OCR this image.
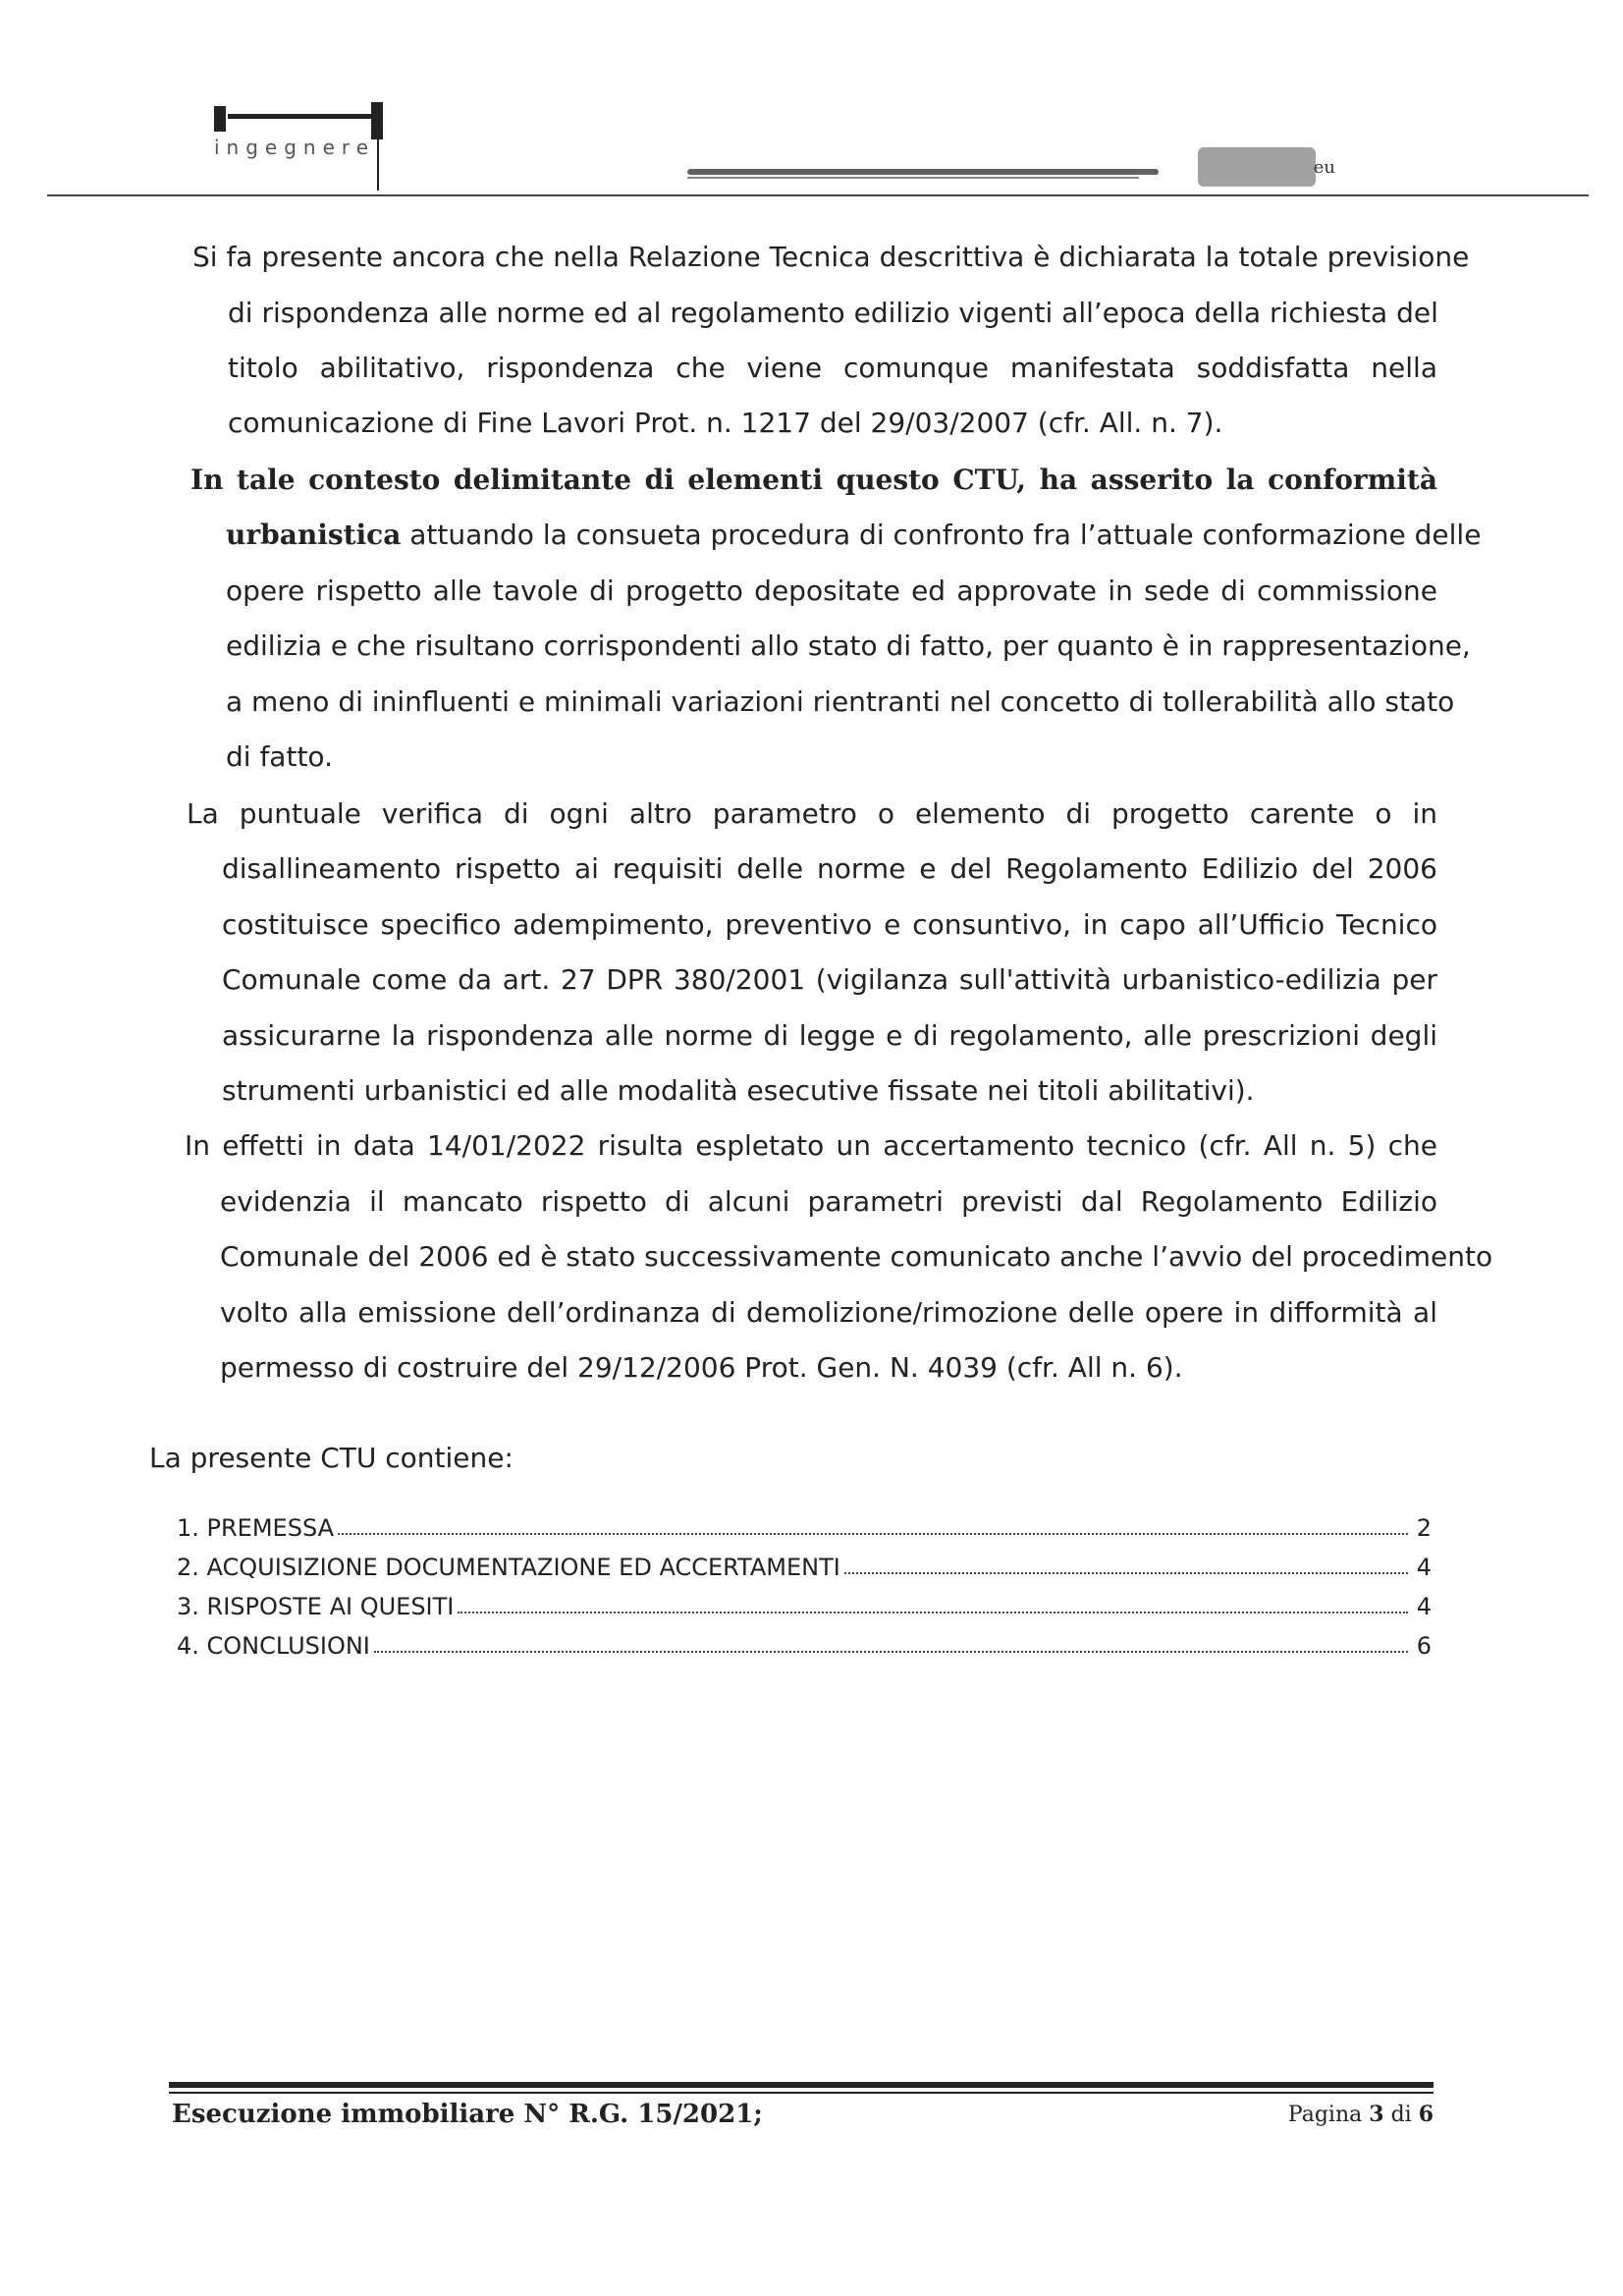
ingegnere
eu
Si fa presente ancora che nella Relazione Tecnica descrittiva è dichiarata la totale previsione
di rispondenza alle norme ed al regolamento edilizio vigenti all’epoca della richiesta del
titolo abilitativo, rispondenza che viene comunque manifestata soddisfatta nella
comunicazione di Fine Lavori Prot. n. 1217 del 29/03/2007 (cfr. All. n. 7).
In tale contesto delimitante di elementi questo CTU, ha asserito la conformità
urbanistica attuando la consueta procedura di confronto fra l’attuale conformazione delle
opere rispetto alle tavole di progetto depositate ed approvate in sede di commissione
edilizia e che risultano corrispondenti allo stato di fatto, per quanto è in rappresentazione,
a meno di ininfluenti e minimali variazioni rientranti nel concetto di tollerabilità allo stato
di fatto.
La puntuale verifica di ogni altro parametro o elemento di progetto carente o in
disallineamento rispetto ai requisiti delle norme e del Regolamento Edilizio del 2006
costituisce specifico adempimento, preventivo e consuntivo, in capo all’Ufficio Tecnico
Comunale come da art. 27 DPR 380/2001 (vigilanza sull'attività urbanistico-edilizia per
assicurarne la rispondenza alle norme di legge e di regolamento, alle prescrizioni degli
strumenti urbanistici ed alle modalità esecutive fissate nei titoli abilitativi).
In effetti in data 14/01/2022 risulta espletato un accertamento tecnico (cfr. All n. 5) che
evidenzia il mancato rispetto di alcuni parametri previsti dal Regolamento Edilizio
Comunale del 2006 ed è stato successivamente comunicato anche l’avvio del procedimento
volto alla emissione dell’ordinanza di demolizione/rimozione delle opere in difformità al
permesso di costruire del 29/12/2006 Prot. Gen. N. 4039 (cfr. All n. 6).
La presente CTU contiene:
1. PREMESSA	2
2. ACQUISIZIONE DOCUMENTAZIONE ED ACCERTAMENTI	4
3. RISPOSTE AI QUESITI	4
4. CONCLUSIONI	6
Esecuzione immobiliare N° R.G. 15/2021;	Pagina 3 di 6
